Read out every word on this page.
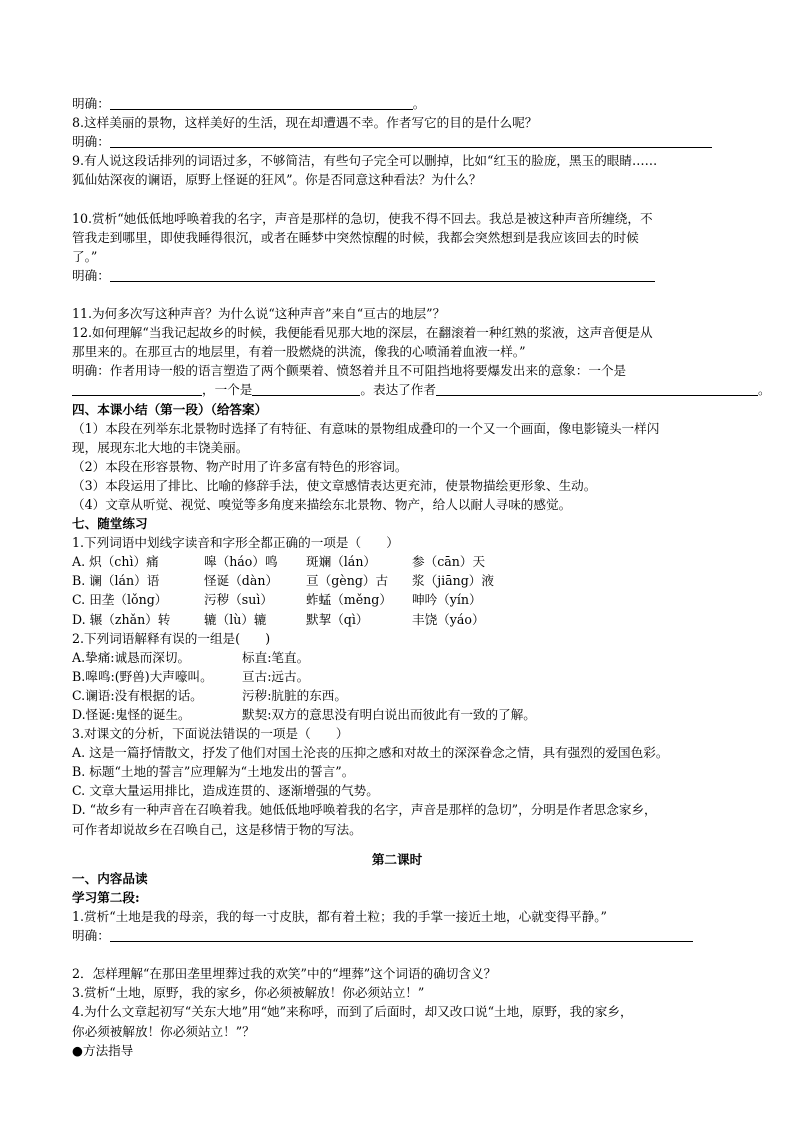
明确：	。
8.这样美丽的景物，这样美好的生活，现在却遭遇不幸。作者写它的目的是什么呢？
明确：
9.有人说这段话排列的词语过多，不够简洁，有些句子完全可以删掉，比如“红玉的脸庞，黑玉的眼睛……
狐仙姑深夜的谰语，原野上怪诞的狂风”。你是否同意这种看法？为什么？
10.赏析“她低低地呼唤着我的名字，声音是那样的急切，使我不得不回去。我总是被这种声音所缠绕，不
管我走到哪里，即使我睡得很沉，或者在睡梦中突然惊醒的时候，我都会突然想到是我应该回去的时候
了。”
明确：
11.为何多次写这种声音？为什么说“这种声音”来自“亘古的地层”？
12.如何理解“当我记起故乡的时候，我便能看见那大地的深层，在翻滚着一种红熟的浆液，这声音便是从
那里来的。在那亘古的地层里，有着一股燃烧的洪流，像我的心喷涌着血液一样。”
明确：作者用诗一般的语言塑造了两个颤栗着、愤怒着并且不可阻挡地将要爆发出来的意象：一个是
，一个是	。表达了作者	。
四、本课小结（第一段）（给答案）
（1）本段在列举东北景物时选择了有特征、有意味的景物组成叠印的一个又一个画面，像电影镜头一样闪
现，展现东北大地的丰饶美丽。
（2）本段在形容景物、物产时用了许多富有特色的形容词。
（3）本段运用了排比、比喻的修辞手法，使文章感情表达更充沛，使景物描绘更形象、生动。
（4）文章从听觉、视觉、嗅觉等多角度来描绘东北景物、物产，给人以耐人寻味的感觉。
七、随堂练习
1.下列词语中划线字读音和字形全都正确的一项是（　　）
A. 炽（chì）痛	嗥（háo）鸣	斑斓（lán）	参（cān）天
B. 谰（lán）语	怪诞（dàn）	亘（gèng）古	浆（jiāng）液
C. 田垄（lǒng）	污秽（suì）	蚱蜢（měng）	呻吟（yín）
D. 辗（zhǎn）转	辘（lù）辘	默挈（qì）	丰饶（yáo）
2.下列词语解释有误的一组是(　　)
A.挚痛:诚恳而深切。	标直:笔直。
B.嗥鸣:(野兽)大声嚎叫。	亘古:远古。
C.谰语:没有根据的话。	污秽:肮脏的东西。
D.怪诞:鬼怪的诞生。	默契:双方的意思没有明白说出而彼此有一致的了解。
3.对课文的分析，下面说法错误的一项是（　　）
A. 这是一篇抒情散文，抒发了他们对国土沦丧的压抑之感和对故土的深深眷念之情，具有强烈的爱国色彩。
B. 标题“土地的誓言”应理解为“土地发出的誓言”。
C. 文章大量运用排比，造成连贯的、逐渐增强的气势。
D. “故乡有一种声音在召唤着我。她低低地呼唤着我的名字，声音是那样的急切”，分明是作者思念家乡，
可作者却说故乡在召唤自己，这是移情于物的写法。
第二课时
一、内容品读
学习第二段:
1.赏析“土地是我的母亲，我的每一寸皮肤，都有着土粒；我的手掌一接近土地，心就变得平静。”
明确：
2．怎样理解“在那田垄里埋葬过我的欢笑”中的“埋葬”这个词语的确切含义？
3.赏析“土地，原野，我的家乡，你必须被解放！你必须站立！”
4.为什么文章起初写“关东大地”用“她”来称呼，而到了后面时，却又改口说“土地，原野，我的家乡，
你必须被解放！你必须站立！”？
●方法指导
